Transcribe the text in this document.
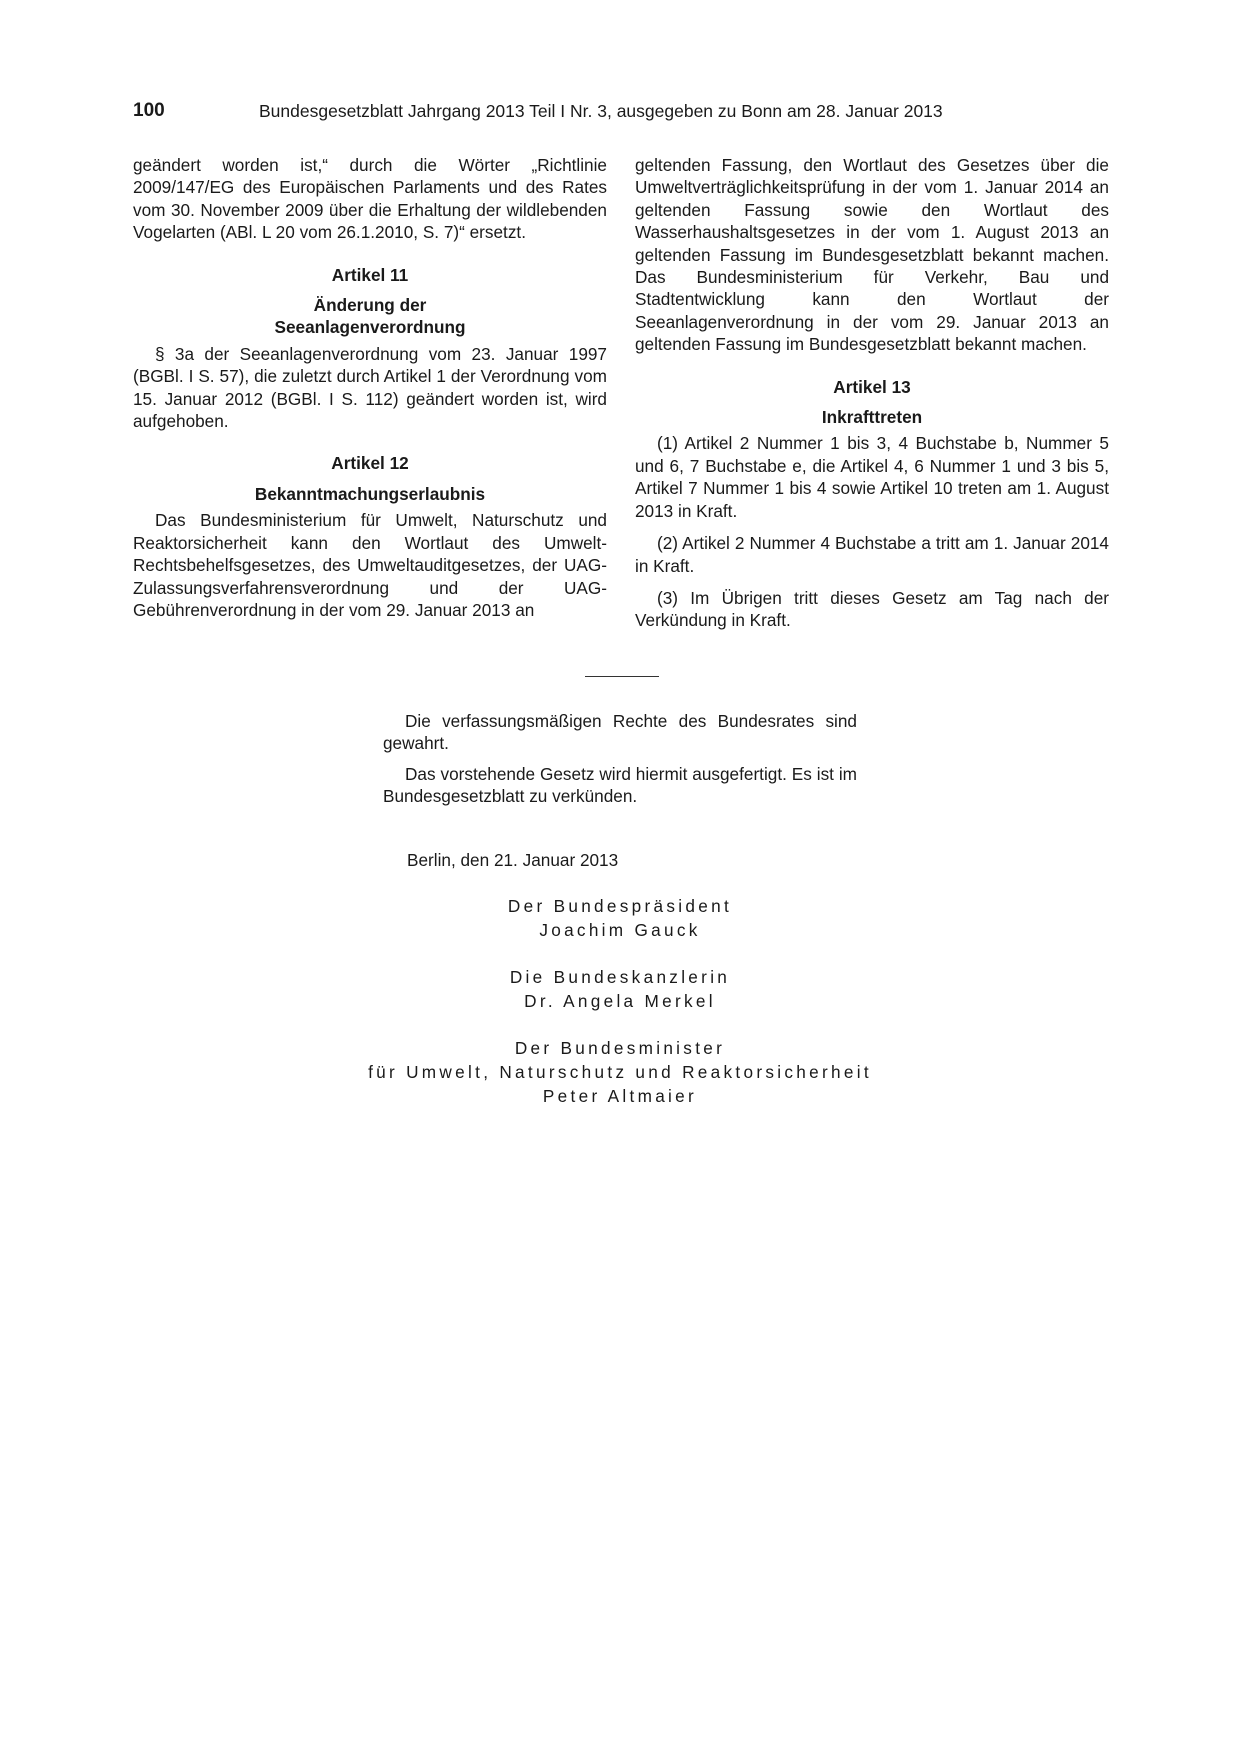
100	Bundesgesetzblatt Jahrgang 2013 Teil I Nr. 3, ausgegeben zu Bonn am 28. Januar 2013

geändert worden ist,“ durch die Wörter „Richtlinie 2009/147/EG des Europäischen Parlaments und des Rates vom 30. November 2009 über die Erhaltung der wildlebenden Vogelarten (ABl. L 20 vom 26.1.2010, S. 7)“ ersetzt.

Artikel 11
Änderung der
Seeanlagenverordnung

§ 3a der Seeanlagenverordnung vom 23. Januar 1997 (BGBl. I S. 57), die zuletzt durch Artikel 1 der Verordnung vom 15. Januar 2012 (BGBl. I S. 112) geändert worden ist, wird aufgehoben.

Artikel 12
Bekanntmachungserlaubnis

Das Bundesministerium für Umwelt, Naturschutz und Reaktorsicherheit kann den Wortlaut des Umwelt-Rechtsbehelfsgesetzes, des Umweltauditgesetzes, der UAG-Zulassungsverfahrensverordnung und der UAG-Gebührenverordnung in der vom 29. Januar 2013 an

geltenden Fassung, den Wortlaut des Gesetzes über die Umweltverträglichkeitsprüfung in der vom 1. Januar 2014 an geltenden Fassung sowie den Wortlaut des Wasserhaushaltsgesetzes in der vom 1. August 2013 an geltenden Fassung im Bundesgesetzblatt bekannt machen. Das Bundesministerium für Verkehr, Bau und Stadtentwicklung kann den Wortlaut der Seeanlagenverordnung in der vom 29. Januar 2013 an geltenden Fassung im Bundesgesetzblatt bekannt machen.

Artikel 13
Inkrafttreten

(1) Artikel 2 Nummer 1 bis 3, 4 Buchstabe b, Nummer 5 und 6, 7 Buchstabe e, die Artikel 4, 6 Nummer 1 und 3 bis 5, Artikel 7 Nummer 1 bis 4 sowie Artikel 10 treten am 1. August 2013 in Kraft.

(2) Artikel 2 Nummer 4 Buchstabe a tritt am 1. Januar 2014 in Kraft.

(3) Im Übrigen tritt dieses Gesetz am Tag nach der Verkündung in Kraft.

Die verfassungsmäßigen Rechte des Bundesrates sind gewahrt.

Das vorstehende Gesetz wird hiermit ausgefertigt. Es ist im Bundesgesetzblatt zu verkünden.

Berlin, den 21. Januar 2013
Der Bundespräsident
Joachim Gauck
Die Bundeskanzlerin
Dr. Angela Merkel
Der Bundesminister
für Umwelt, Naturschutz und Reaktorsicherheit
Peter Altmaier
